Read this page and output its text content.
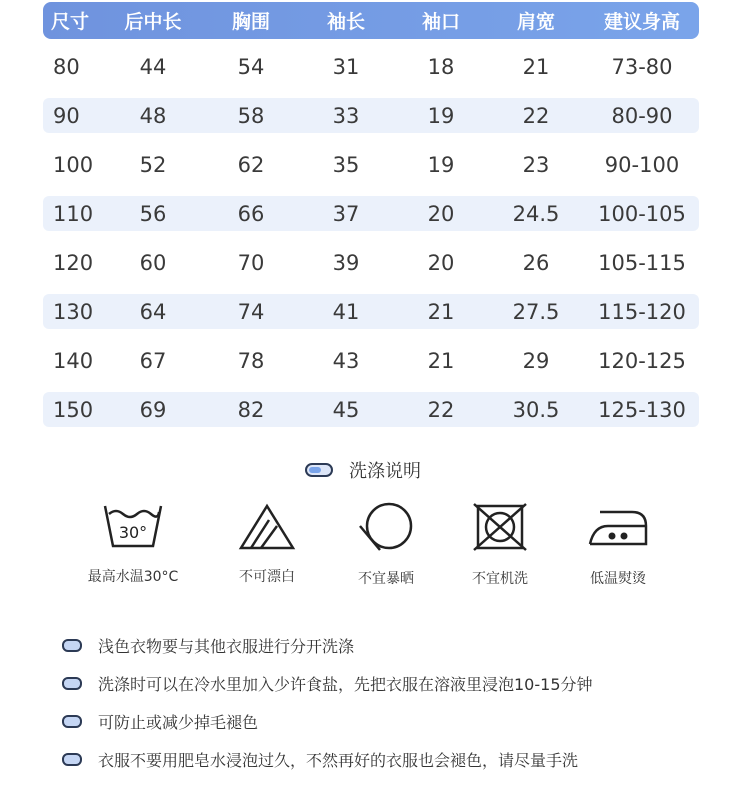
尺寸	后中长	胸围	袖长	袖口	肩宽	建议身高
80	44	54	31	18	21	73-80
90	48	58	33	19	22	80-90
100	52	62	35	19	23	90-100
110	56	66	37	20	24.5	100-105
120	60	70	39	20	26	105-115
130	64	74	41	21	27.5	115-120
140	67	78	43	21	29	120-125
150	69	82	45	22	30.5	125-130
洗涤说明
30°
最高水温30°C	不可漂白	不宜暴晒	不宜机洗	低温熨烫
浅色衣物要与其他衣服进行分开洗涤
洗涤时可以在冷水里加入少许食盐，先把衣服在溶液里浸泡10-15分钟
可防止或减少掉毛褪色
衣服不要用肥皂水浸泡过久，不然再好的衣服也会褪色，请尽量手洗
